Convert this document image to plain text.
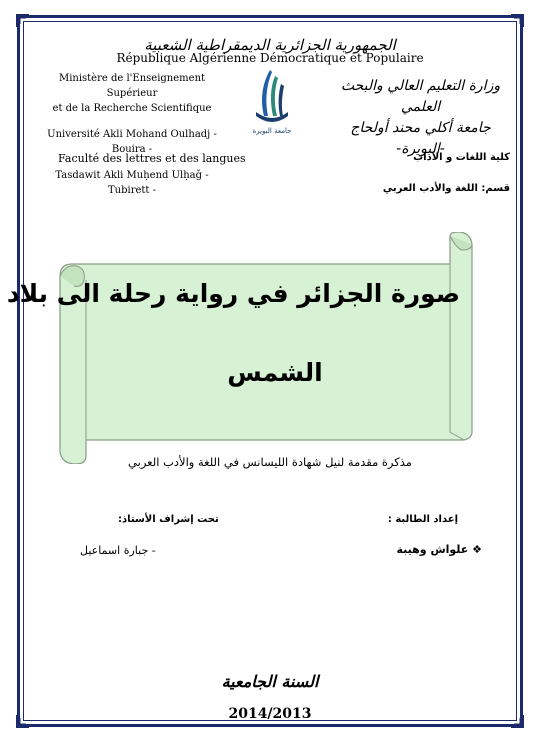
الجمهورية الجزائرية الديمقراطية الشعبية
République Algérienne Démocratique et Populaire
Ministère de l'Enseignement Supérieur
et de la Recherche Scientifique
Université Akli Mohand Oulhadj - Bouira -
Tasdawit Akli Muḥend Ulḥaǧ - Tubirett -
وزارة التعليم العالي والبحث العلمي
جامعة أكلي محند أولحاج
-البويرة-
جامعة البويرة
Faculté des lettres et des langues	كلية اللغات و الآداب
قسم: اللغة والأدب العربي
صورة الجزائر في رواية رحلة الى بلاد
الشمس
مذكرة مقدمة لنيل شهادة الليسانس في اللغة والأدب العربي
إعداد الطالبة :
تحت إشراف الأستاذ:
❖ علواش وهيبة
- جبارة اسماعيل
السنة الجامعية
2014/2013
